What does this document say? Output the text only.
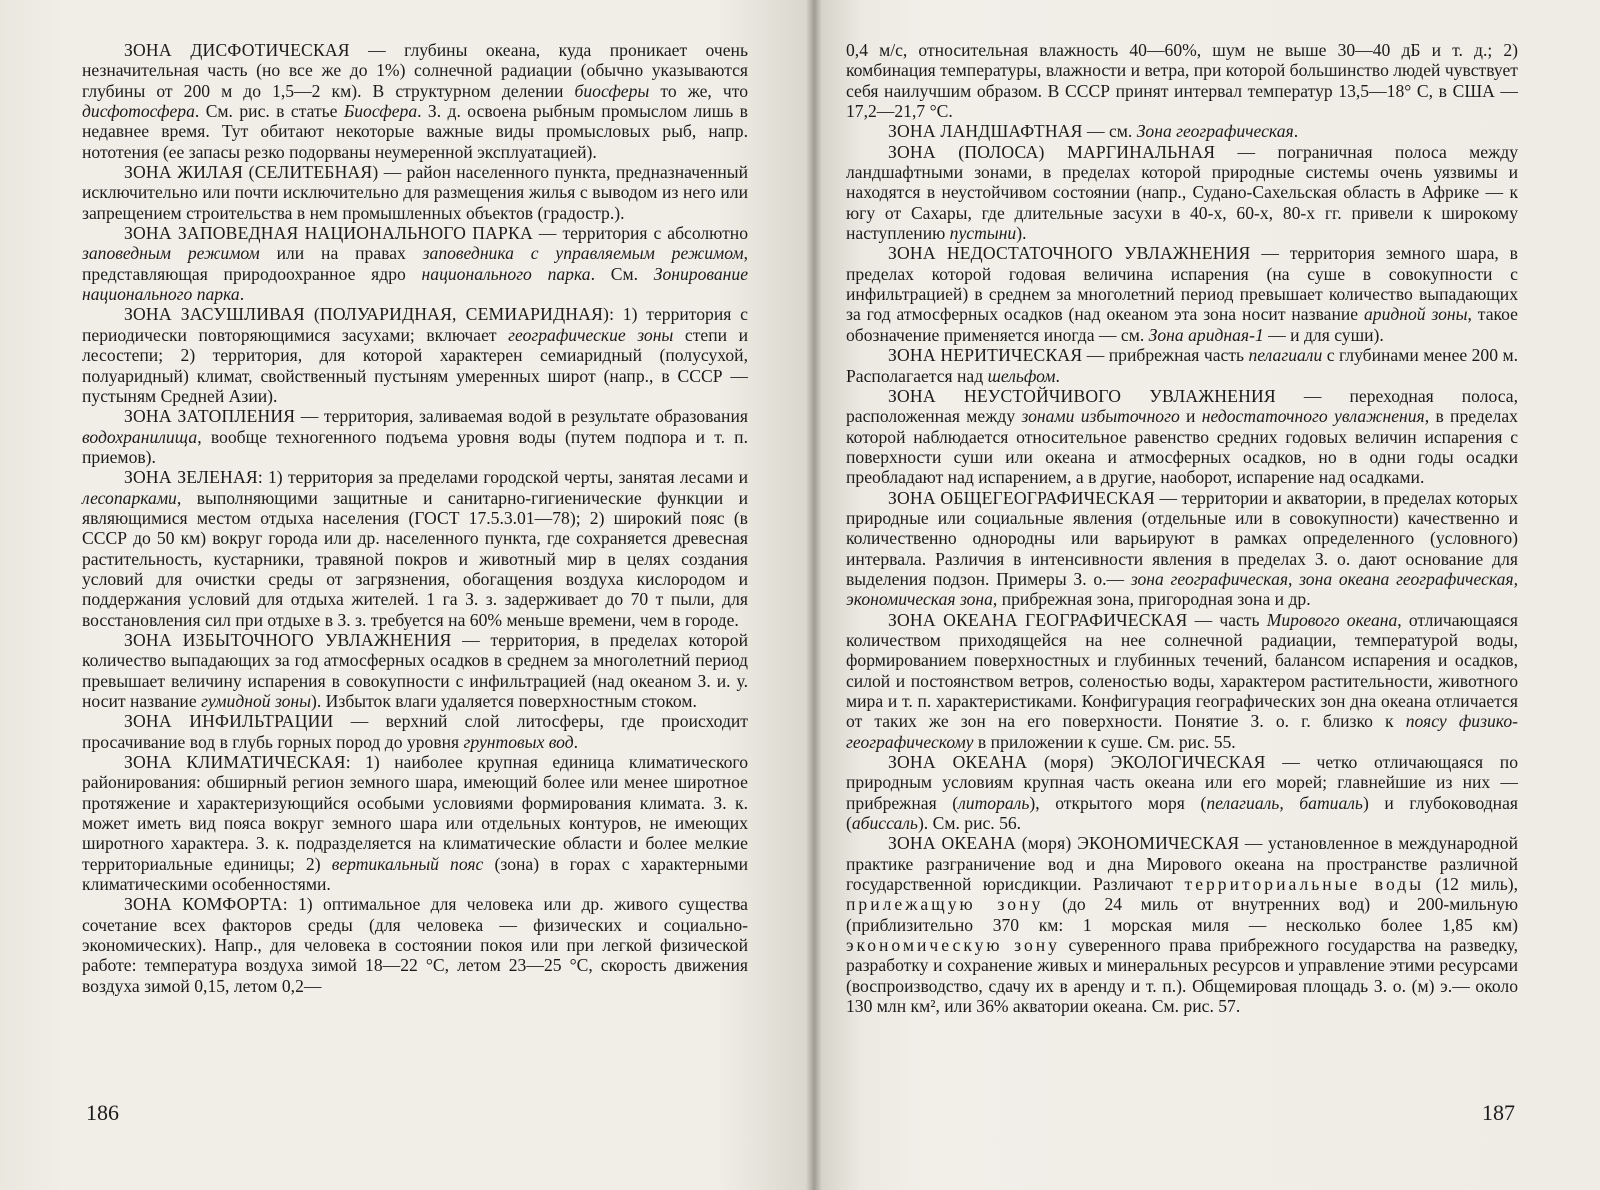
ЗОНА ДИСФОТИЧЕСКАЯ — глубины океана, куда проникает очень незначительная часть (но все же до 1%) солнечной радиации (обычно указываются глубины от 200 м до 1,5—2 км). В структурном делении биосферы то же, что дисфотосфера. См. рис. в статье Биосфера. З. д. освоена рыбным промыслом лишь в недавнее время. Тут обитают некоторые важные виды промысловых рыб, напр. нототения (ее запасы резко подорваны неумеренной эксплуатацией).

ЗОНА ЖИЛАЯ (СЕЛИТЕБНАЯ) — район населенного пункта, предназначенный исключительно или почти исключительно для размещения жилья с выводом из него или запрещением строительства в нем промышленных объектов (градостр.).

ЗОНА ЗАПОВЕДНАЯ НАЦИОНАЛЬНОГО ПАРКА — территория с абсолютно заповедным режимом или на правах заповедника с управляемым режимом, представляющая природоохранное ядро национального парка. См. Зонирование национального парка.

ЗОНА ЗАСУШЛИВАЯ (ПОЛУАРИДНАЯ, СЕМИАРИДНАЯ): 1) территория с периодически повторяющимися засухами; включает географические зоны степи и лесостепи; 2) территория, для которой характерен семиаридный (полусухой, полуаридный) климат, свойственный пустыням умеренных широт (напр., в СССР — пустыням Средней Азии).

ЗОНА ЗАТОПЛЕНИЯ — территория, заливаемая водой в результате образования водохранилища, вообще техногенного подъема уровня воды (путем подпора и т. п. приемов).

ЗОНА ЗЕЛЕНАЯ: 1) территория за пределами городской черты, занятая лесами и лесопарками, выполняющими защитные и санитарно-гигиенические функции и являющимися местом отдыха населения (ГОСТ 17.5.3.01—78); 2) широкий пояс (в СССР до 50 км) вокруг города или др. населенного пункта, где сохраняется древесная растительность, кустарники, травяной покров и животный мир в целях создания условий для очистки среды от загрязнения, обогащения воздуха кислородом и поддержания условий для отдыха жителей. 1 га З. з. задерживает до 70 т пыли, для восстановления сил при отдыхе в З. з. требуется на 60% меньше времени, чем в городе.

ЗОНА ИЗБЫТОЧНОГО УВЛАЖНЕНИЯ — территория, в пределах которой количество выпадающих за год атмосферных осадков в среднем за многолетний период превышает величину испарения в совокупности с инфильтрацией (над океаном З. и. у. носит название гумидной зоны). Избыток влаги удаляется поверхностным стоком.

ЗОНА ИНФИЛЬТРАЦИИ — верхний слой литосферы, где происходит просачивание вод в глубь горных пород до уровня грунтовых вод.

ЗОНА КЛИМАТИЧЕСКАЯ: 1) наиболее крупная единица климатического районирования: обширный регион земного шара, имеющий более или менее широтное протяжение и характеризующийся особыми условиями формирования климата. З. к. может иметь вид пояса вокруг земного шара или отдельных контуров, не имеющих широтного характера. З. к. подразделяется на климатические области и более мелкие территориальные единицы; 2) вертикальный пояс (зона) в горах с характерными климатическими особенностями.

ЗОНА КОМФОРТА: 1) оптимальное для человека или др. живого существа сочетание всех факторов среды (для человека — физических и социально-экономических). Напр., для человека в состоянии покоя или при легкой физической работе: температура воздуха зимой 18—22 °С, летом 23—25 °С, скорость движения воздуха зимой 0,15, летом 0,2—

186

0,4 м/с, относительная влажность 40—60%, шум не выше 30—40 дБ и т. д.; 2) комбинация температуры, влажности и ветра, при которой большинство людей чувствует себя наилучшим образом. В СССР принят интервал температур 13,5—18° С, в США — 17,2—21,7 °С.

ЗОНА ЛАНДШАФТНАЯ — см. Зона географическая.

ЗОНА (ПОЛОСА) МАРГИНАЛЬНАЯ — пограничная полоса между ландшафтными зонами, в пределах которой природные системы очень уязвимы и находятся в неустойчивом состоянии (напр., Судано-Сахельская область в Африке — к югу от Сахары, где длительные засухи в 40-х, 60-х, 80-х гг. привели к широкому наступлению пустыни).

ЗОНА НЕДОСТАТОЧНОГО УВЛАЖНЕНИЯ — территория земного шара, в пределах которой годовая величина испарения (на суше в совокупности с инфильтрацией) в среднем за многолетний период превышает количество выпадающих за год атмосферных осадков (над океаном эта зона носит название аридной зоны, такое обозначение применяется иногда — см. Зона аридная-1 — и для суши).

ЗОНА НЕРИТИЧЕСКАЯ — прибрежная часть пелагиали с глубинами менее 200 м. Располагается над шельфом.

ЗОНА НЕУСТОЙЧИВОГО УВЛАЖНЕНИЯ — переходная полоса, расположенная между зонами избыточного и недостаточного увлажнения, в пределах которой наблюдается относительное равенство средних годовых величин испарения с поверхности суши или океана и атмосферных осадков, но в одни годы осадки преобладают над испарением, а в другие, наоборот, испарение над осадками.

ЗОНА ОБЩЕГЕОГРАФИЧЕСКАЯ — территории и акватории, в пределах которых природные или социальные явления (отдельные или в совокупности) качественно и количественно однородны или варьируют в рамках определенного (условного) интервала. Различия в интенсивности явления в пределах З. о. дают основание для выделения подзон. Примеры З. о.— зона географическая, зона океана географическая, экономическая зона, прибрежная зона, пригородная зона и др.

ЗОНА ОКЕАНА ГЕОГРАФИЧЕСКАЯ — часть Мирового океана, отличающаяся количеством приходящейся на нее солнечной радиации, температурой воды, формированием поверхностных и глубинных течений, балансом испарения и осадков, силой и постоянством ветров, соленостью воды, характером растительности, животного мира и т. п. характеристиками. Конфигурация географических зон дна океана отличается от таких же зон на его поверхности. Понятие З. о. г. близко к поясу физико-географическому в приложении к суше. См. рис. 55.

ЗОНА ОКЕАНА (моря) ЭКОЛОГИЧЕСКАЯ — четко отличающаяся по природным условиям крупная часть океана или его морей; главнейшие из них — прибрежная (литораль), открытого моря (пелагиаль, батиаль) и глубоководная (абиссаль). См. рис. 56.

ЗОНА ОКЕАНА (моря) ЭКОНОМИЧЕСКАЯ — установленное в международной практике разграничение вод и дна Мирового океана на пространстве различной государственной юрисдикции. Различают территориальные воды (12 миль), прилежащую зону (до 24 миль от внутренних вод) и 200-мильную (приблизительно 370 км: 1 морская миля — несколько более 1,85 км) экономическую зону суверенного права прибрежного государства на разведку, разработку и сохранение живых и минеральных ресурсов и управление этими ресурсами (воспроизводство, сдачу их в аренду и т. п.). Общемировая площадь З. о. (м) э.— около 130 млн км², или 36% акватории океана. См. рис. 57.

187
